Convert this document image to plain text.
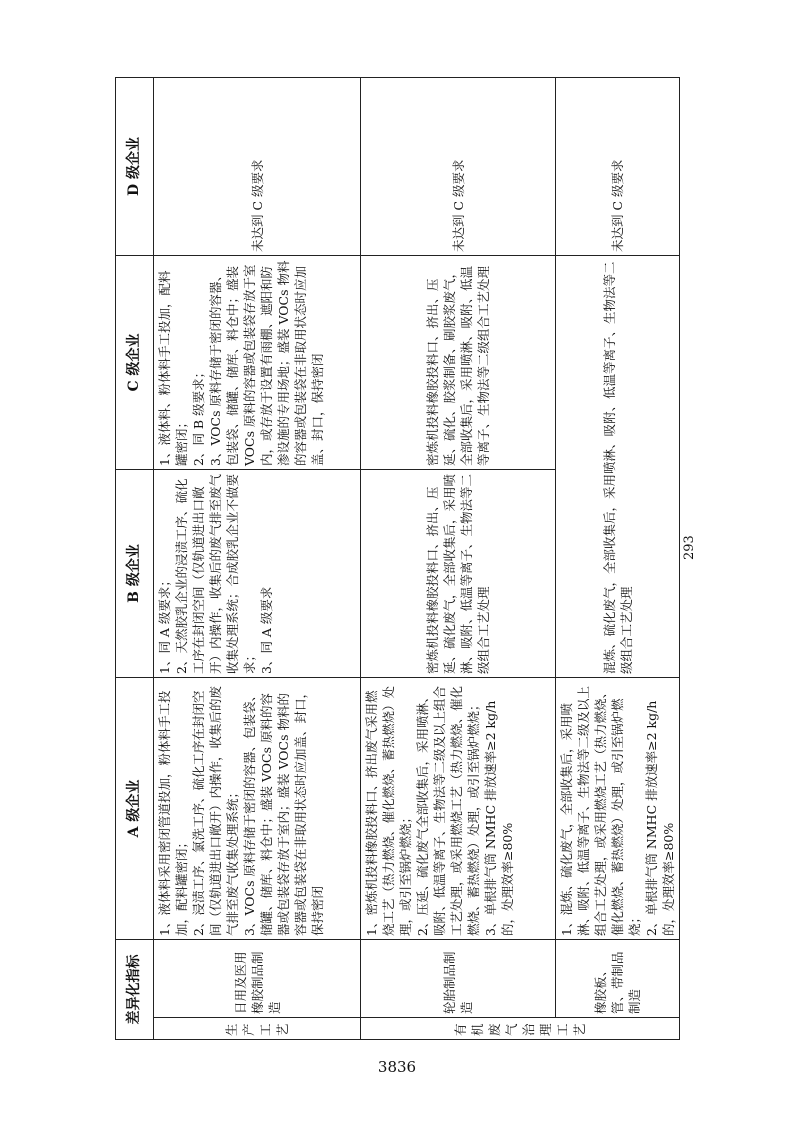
差异化指标		A 级企业	B 级企业	C 级企业	D 级企业
生产工艺	日用及医用橡胶制品制造	1、液体料采用密闭管道投加，粉体料手工投加，配料罐密闭； 2、浸渍工序、氯洗工序、硫化工序在封闭空间（仅轨道进出口敞开）内操作，收集后的废气排至废气收集处理系统； 3、VOCs 原料存储于密闭的容器、包装袋、储罐、储库、料仓中；盛装 VOCs 原料的容器或包装袋存放于室内；盛装 VOCs 物料的容器或包装袋在非取用状态时应加盖、封口，保持密闭	1、同 A 级要求； 2、天然胶乳企业的浸渍工序、硫化工序在封闭空间（仅轨道进出口敞开）内操作，收集后的废气排至废气收集处理系统；合成胶乳企业不做要求； 3、同 A 级要求	1、液体料、粉体料手工投加，配料罐密闭； 2、同 B 级要求； 3、VOCs 原料存储于密闭的容器、包装袋、储罐、储库、料仓中；盛装 VOCs 原料的容器或包装袋存放于室内，或存放于设置有雨棚、遮阳和防渗设施的专用场地；盛装 VOCs 物料的容器或包装袋在非取用状态时应加盖、封口，保持密闭	未达到 C 级要求
有机废气治理工艺	轮胎制品制造	1、密炼机投料橡胶投料口、挤出废气采用燃烧工艺（热力燃烧、催化燃烧、蓄热燃烧）处理，或引至锅炉燃烧； 2、压延、硫化废气全部收集后，采用喷淋、吸附、低温等离子、生物法等二级及以上组合工艺处理，或采用燃烧工艺（热力燃烧、催化燃烧、蓄热燃烧）处理，或引至锅炉燃烧； 3、单根排气筒 NMHC 排放速率≥2 kg/h 的，处理效率≥80%	密炼机投料橡胶投料口、挤出、压延、硫化废气，全部收集后，采用喷淋、吸附、低温等离子、生物法等二级组合工艺处理	密炼机投料橡胶投料口、挤出、压延、硫化、胶浆制备、刷胶浆废气，全部收集后，采用喷淋、吸附、低温等离子、生物法等二级组合工艺处理	未达到 C 级要求
	橡胶板、管、带制品制造	1、混炼、硫化废气，全部收集后，采用喷淋、吸附、低温等离子、生物法等二级及以上组合工艺处理，或采用燃烧工艺（热力燃烧、催化燃烧、蓄热燃烧）处理，或引至锅炉燃烧； 2、单根排气筒 NMHC 排放速率≥2 kg/h 的，处理效率≥80%	混炼、硫化废气，全部收集后，采用喷淋、吸附、低温等离子、生物法等二级组合工艺处理		未达到 C 级要求
293
3836
